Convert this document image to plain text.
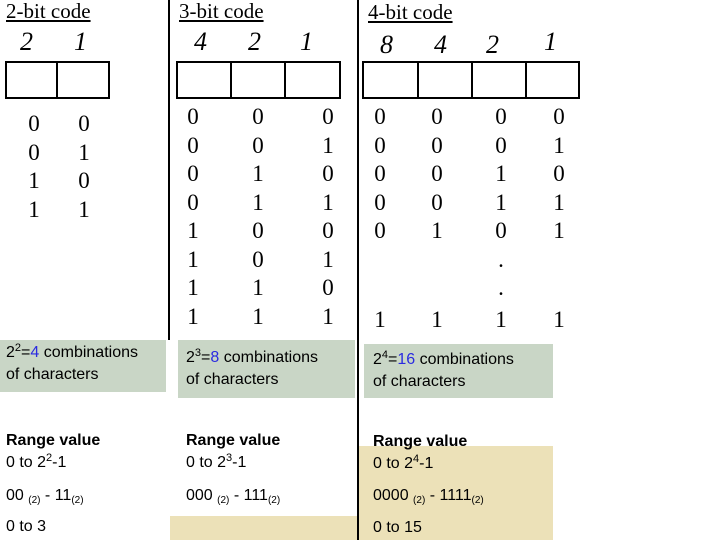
2-bit code
2 1
0
0
1
1
0
1
0
1
$2^2=4$ combinations
of characters
Range value
0 to $2^2-1$
00 $_{(2)} - 11_{(2)}$
0 to 3
3-bit code
4 2 1
0
0
0
0
1
1
1
1
0
0
1
1
0
0
1
1
0
1
0
1
0
1
0
1
$2^3=8$ combinations
of characters
Range value
0 to $2^3-1$
000 $_{(2)} - 111_{(2)}$
4-bit code
8 4 2 1
0
0
0
0
0
0
0
0
0
1
0
0
1
1
0
.
.
0
1
0
1
1
1 1 1 1
$2^4=16$ combinations
of characters
Range value
0 to $2^4-1$
0000 $_{(2)} - 1111_{(2)}$
0 to 15
